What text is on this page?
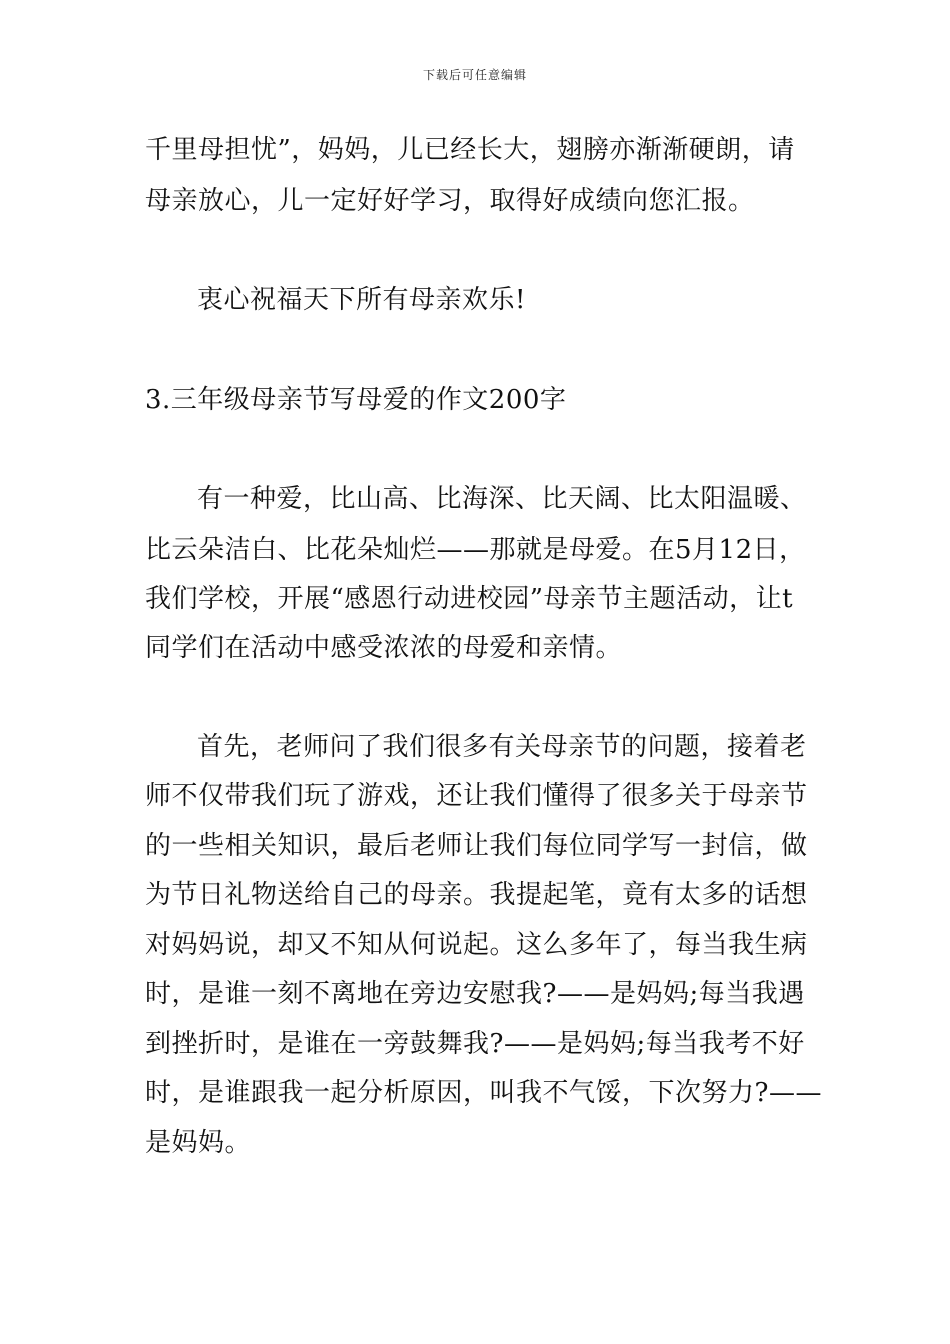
下载后可任意编辑
千里母担忧”，妈妈，儿已经长大，翅膀亦渐渐硬朗，请
母亲放心，儿一定好好学习，取得好成绩向您汇报。
衷心祝福天下所有母亲欢乐!
3.三年级母亲节写母爱的作文200字
有一种爱，比山高、比海深、比天阔、比太阳温暖、
比云朵洁白、比花朵灿烂——那就是母爱。在5月12日，
我们学校，开展“感恩行动进校园”母亲节主题活动，让t
同学们在活动中感受浓浓的母爱和亲情。
首先，老师问了我们很多有关母亲节的问题，接着老
师不仅带我们玩了游戏，还让我们懂得了很多关于母亲节
的一些相关知识，最后老师让我们每位同学写一封信，做
为节日礼物送给自己的母亲。我提起笔，竟有太多的话想
对妈妈说，却又不知从何说起。这么多年了，每当我生病
时，是谁一刻不离地在旁边安慰我?——是妈妈;每当我遇
到挫折时，是谁在一旁鼓舞我?——是妈妈;每当我考不好
时，是谁跟我一起分析原因，叫我不气馁，下次努力?——
是妈妈。
